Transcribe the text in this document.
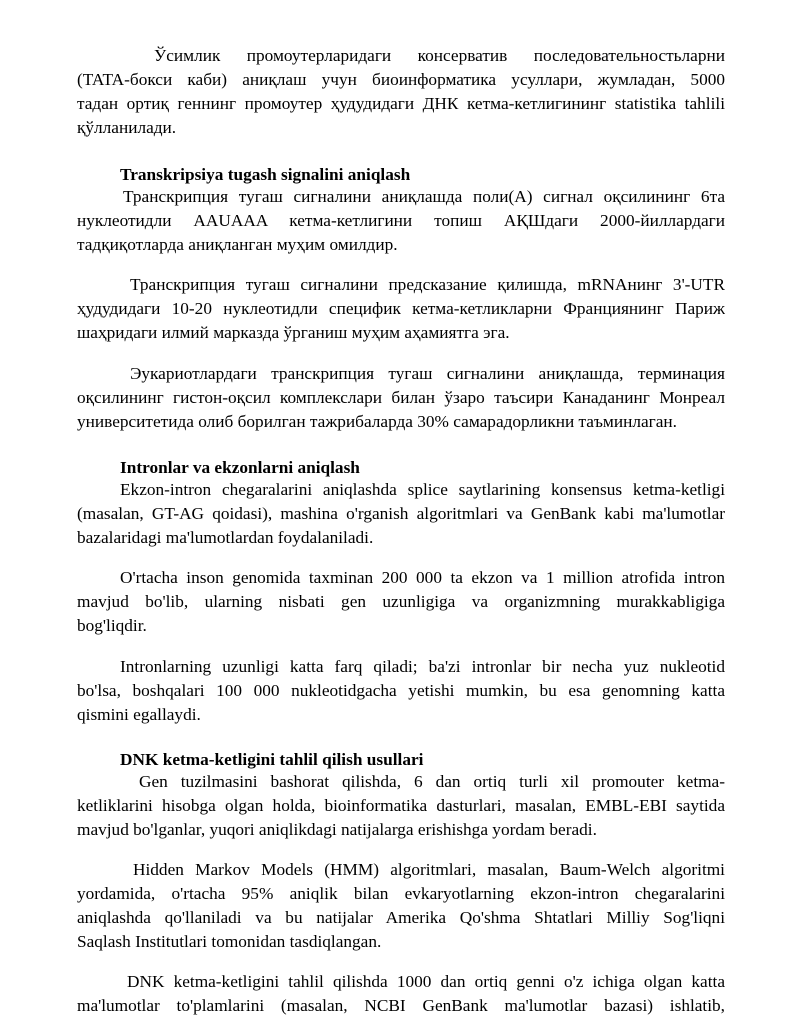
Ўсимлик промоутерларидаги консерватив последовательностьларни
(TATA-бокси каби) аниқлаш учун биоинформатика усуллари, жумладан, 5000
тадан ортиқ геннинг промоутер ҳудудидаги ДНК кетма-кетлигининг statistika tahlili
қўлланилади.
Transkripsiya tugash signalini aniqlash
Транскрипция тугаш сигналини аниқлашда поли(А) сигнал оқсилининг 6та
нуклеотидли AAUAAA кетма-кетлигини топиш АҚШдаги 2000-йиллардаги
тадқиқотларда аниқланган муҳим омилдир.
Транскрипция тугаш сигналини предсказание қилишда, mRNAнинг 3'-UTR
ҳудудидаги 10-20 нуклеотидли специфик кетма-кетликларни Франциянинг Париж
шаҳридаги илмий марказда ўрганиш муҳим аҳамиятга эга.
Эукариотлардаги транскрипция тугаш сигналини аниқлашда, терминация
оқсилининг гистон-оқсил комплекслари билан ўзаро таъсири Канаданинг Монреал
университетида олиб борилган тажрибаларда 30% самарадорликни таъминлаган.
Intronlar va ekzonlarni aniqlash
Ekzon-intron chegaralarini aniqlashda splice saytlarining konsensus ketma-ketligi
(masalan, GT-AG qoidasi), mashina o'rganish algoritmlari va GenBank kabi ma'lumotlar
bazalaridagi ma'lumotlardan foydalaniladi.
O'rtacha inson genomida taxminan 200 000 ta ekzon va 1 million atrofida intron
mavjud bo'lib, ularning nisbati gen uzunligiga va organizmning murakkabligiga
bog'liqdir.
Intronlarning uzunligi katta farq qiladi; ba'zi intronlar bir necha yuz nukleotid
bo'lsa, boshqalari 100 000 nukleotidgacha yetishi mumkin, bu esa genomning katta
qismini egallaydi.
DNK ketma-ketligini tahlil qilish usullari
Gen tuzilmasini bashorat qilishda, 6 dan ortiq turli xil promouter ketma-
ketliklarini hisobga olgan holda, bioinformatika dasturlari, masalan, EMBL-EBI saytida
mavjud bo'lganlar, yuqori aniqlikdagi natijalarga erishishga yordam beradi.
Hidden Markov Models (HMM) algoritmlari, masalan, Baum-Welch algoritmi
yordamida, o'rtacha 95% aniqlik bilan evkaryotlarning ekzon-intron chegaralarini
aniqlashda qo'llaniladi va bu natijalar Amerika Qo'shma Shtatlari Milliy Sog'liqni
Saqlash Institutlari tomonidan tasdiqlangan.
DNK ketma-ketligini tahlil qilishda 1000 dan ortiq genni o'z ichiga olgan katta
ma'lumotlar to'plamlarini (masalan, NCBI GenBank ma'lumotlar bazasi) ishlatib,
